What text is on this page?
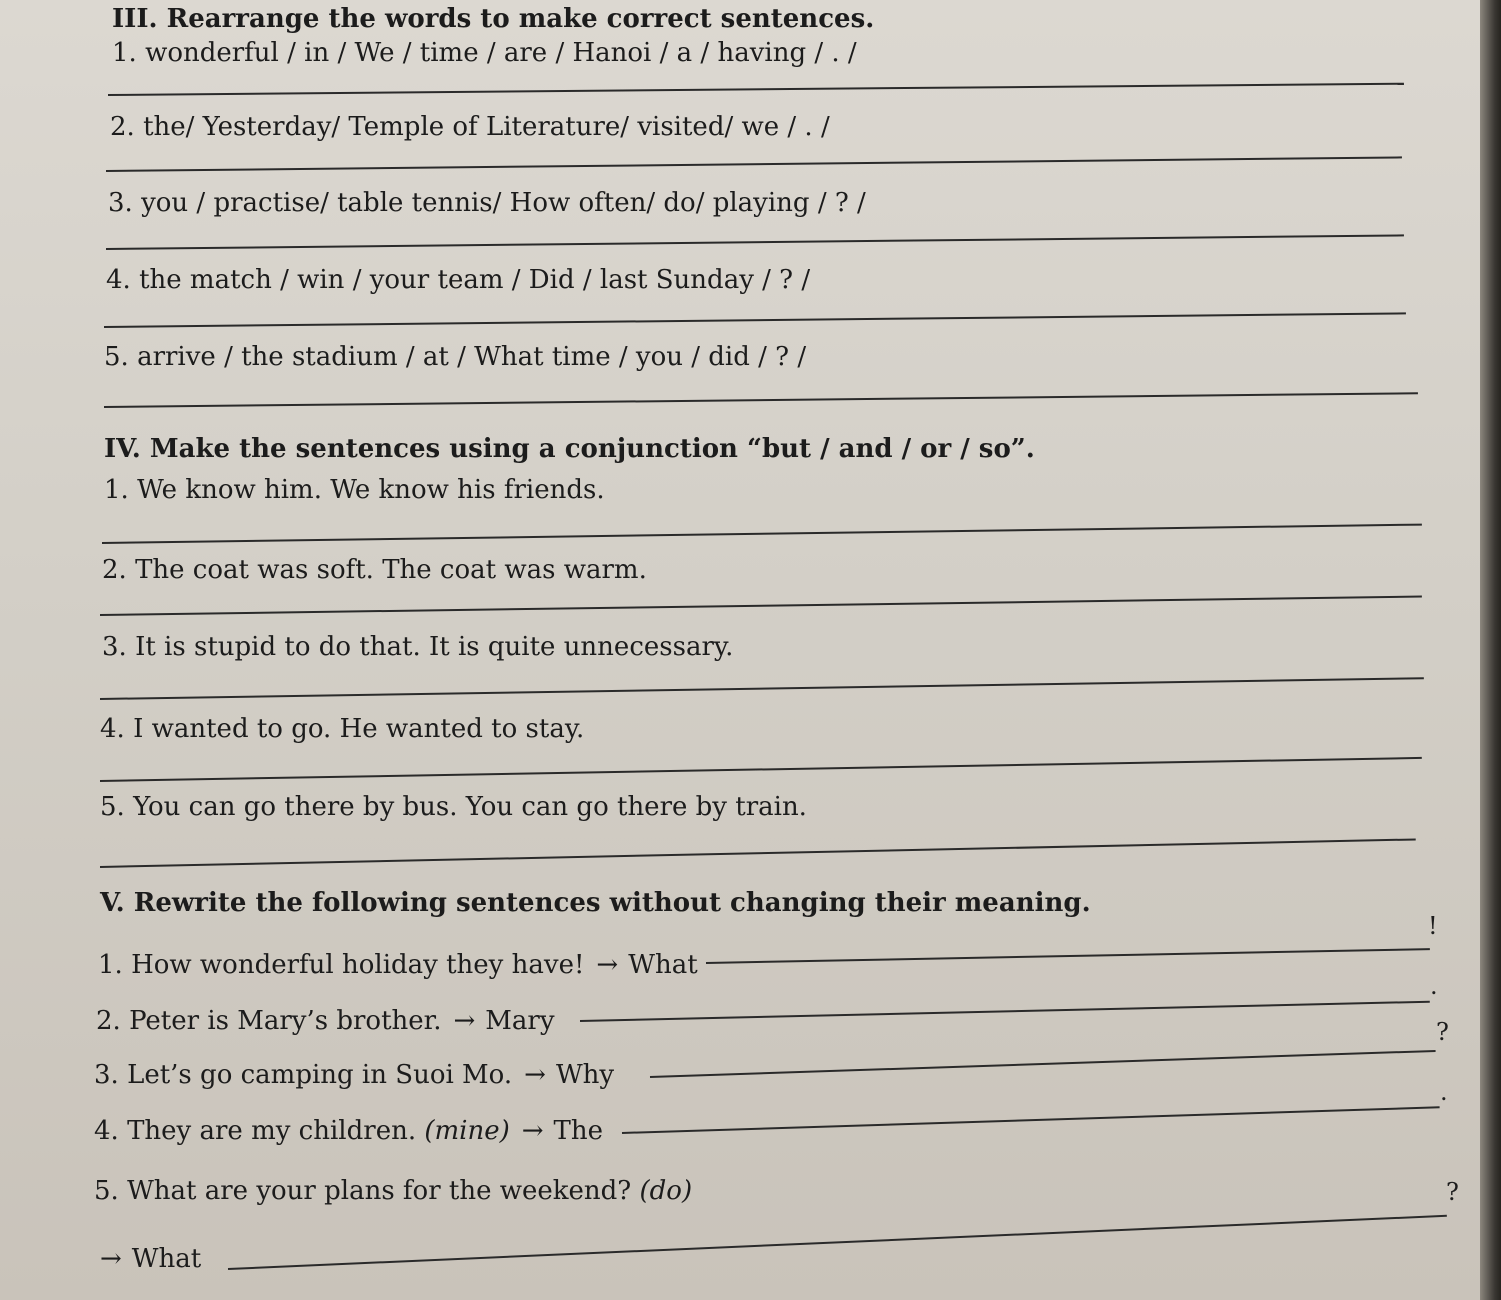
III. Rearrange the words to make correct sentences.
1. wonderful / in / We / time / are / Hanoi / a / having / . /
2. the/ Yesterday/ Temple of Literature/ visited/ we / . /
3. you / practise/ table tennis/ How often/ do/ playing / ? /
4. the match / win / your team / Did / last Sunday / ? /
5. arrive / the stadium / at / What time / you / did / ? /
IV. Make the sentences using a conjunction “but / and / or / so”.
1. We know him. We know his friends.
2. The coat was soft. The coat was warm.
3. It is stupid to do that. It is quite unnecessary.
4. I wanted to go. He wanted to stay.
5. You can go there by bus. You can go there by train.
V. Rewrite the following sentences without changing their meaning.
1. How wonderful holiday they have! → What
!
2. Peter is Mary’s brother. → Mary
.
3. Let’s go camping in Suoi Mo. → Why
?
4. They are my children. (mine) → The
.
5. What are your plans for the weekend? (do)
→ What
?
